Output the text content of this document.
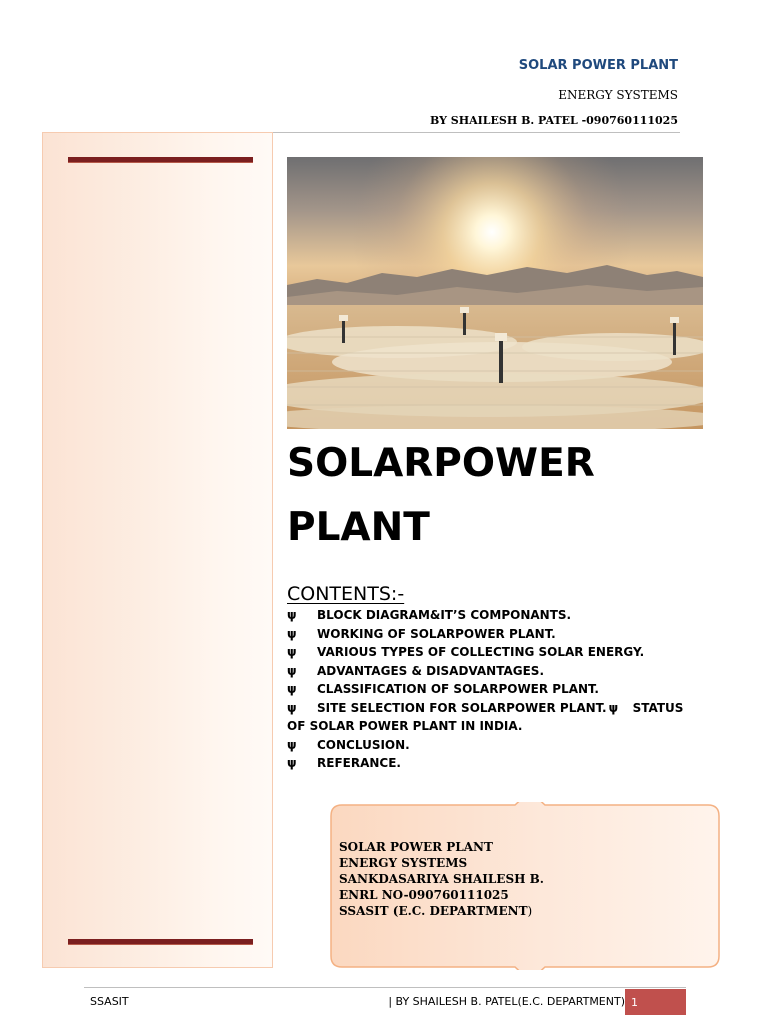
SOLAR POWER PLANT
ENERGY SYSTEMS
BY SHAILESH B. PATEL -090760111025
SOLARPOWER
PLANT
CONTENTS:-
ψ BLOCK DIAGRAM&IT’S COMPONANTS.
ψ WORKING OF SOLARPOWER PLANT.
ψ VARIOUS TYPES OF COLLECTING SOLAR ENERGY.
ψ ADVANTAGES & DISADVANTAGES.
ψ CLASSIFICATION OF SOLARPOWER PLANT.
ψ SITE SELECTION FOR SOLARPOWER PLANT. ψ STATUS
OF SOLAR POWER PLANT IN INDIA.
ψ CONCLUSION.
ψ REFERANCE.
SOLAR POWER PLANT
ENERGY SYSTEMS
SANKDASARIYA SHAILESH B.
ENRL NO-090760111025
SSASIT (E.C. DEPARTMENT)
SSASIT	| BY SHAILESH B. PATEL(E.C. DEPARTMENT) 1
